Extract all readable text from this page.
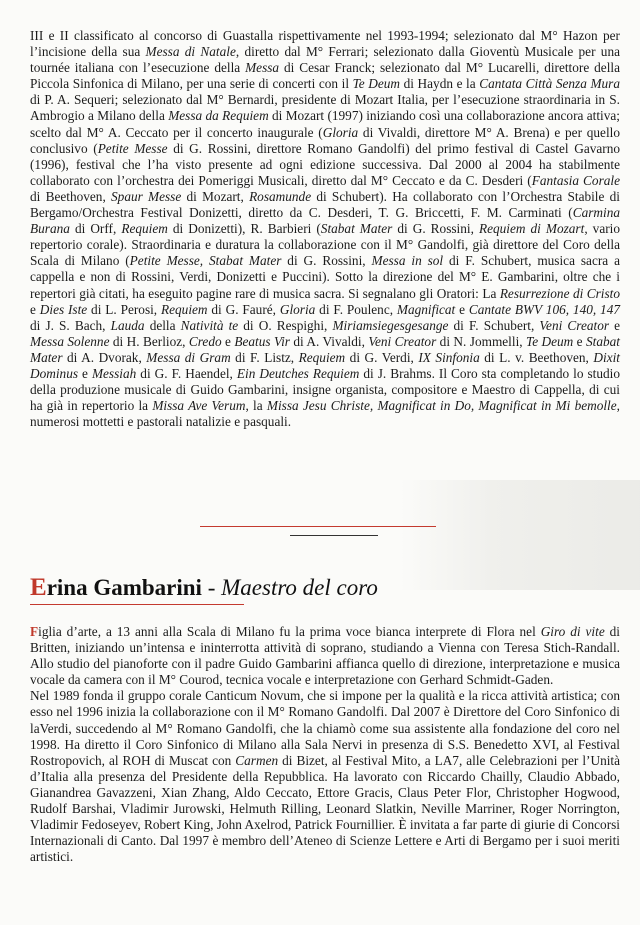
III e II classificato al concorso di Guastalla rispettivamente nel 1993-1994; selezionato dal M° Hazon per l’incisione della sua Messa di Natale, diretto dal M° Ferrari; selezionato dalla Gioventù Musicale per una tournée italiana con l’esecuzione della Messa di Cesar Franck; selezionato dal M° Lucarelli, direttore della Piccola Sinfonica di Milano, per una serie di concerti con il Te Deum di Haydn e la Cantata Città Senza Mura di P. A. Sequeri; selezionato dal M° Bernardi, presidente di Mozart Italia, per l’esecuzione straordinaria in S. Ambrogio a Milano della Messa da Requiem di Mozart (1997) iniziando così una collaborazione ancora attiva; scelto dal M° A. Ceccato per il concerto inaugurale (Gloria di Vivaldi, direttore M° A. Brena) e per quello conclusivo (Petite Messe di G. Rossini, direttore Romano Gandolfi) del primo festival di Castel Gavarno (1996), festival che l’ha visto presente ad ogni edizione successiva. Dal 2000 al 2004 ha stabilmente collaborato con l’orchestra dei Pomeriggi Musicali, diretto dal M° Ceccato e da C. Desderi (Fantasia Corale di Beethoven, Spaur Messe di Mozart, Rosamunde di Schubert). Ha collaborato con l’Orchestra Stabile di Bergamo/Orchestra Festival Donizetti, diretto da C. Desderi, T. G. Briccetti, F. M. Carminati (Carmina Burana di Orff, Requiem di Donizetti), R. Barbieri (Stabat Mater di G. Rossini, Requiem di Mozart, vario repertorio corale). Straordinaria e duratura la collaborazione con il M° Gandolfi, già direttore del Coro della Scala di Milano (Petite Messe, Stabat Mater di G. Rossini, Messa in sol di F. Schubert, musica sacra a cappella e non di Rossini, Verdi, Donizetti e Puccini). Sotto la direzione del M° E. Gambarini, oltre che i repertori già citati, ha eseguito pagine rare di musica sacra. Si segnalano gli Oratori: La Resurrezione di Cristo e Dies Iste di L. Perosi, Requiem di G. Fauré, Gloria di F. Poulenc, Magnificat e Cantate BWV 106, 140, 147 di J. S. Bach, Lauda della Natività te di O. Respighi, Miriamsiegesgesange di F. Schubert, Veni Creator e Messa Solenne di H. Berlioz, Credo e Beatus Vir di A. Vivaldi, Veni Creator di N. Jommelli, Te Deum e Stabat Mater di A. Dvorak, Messa di Gram di F. Listz, Requiem di G. Verdi, IX Sinfonia di L. v. Beethoven, Dixit Dominus e Messiah di G. F. Haendel, Ein Deutches Requiem di J. Brahms. Il Coro sta completando lo studio della produzione musicale di Guido Gambarini, insigne organista, compositore e Maestro di Cappella, di cui ha già in repertorio la Missa Ave Verum, la Missa Jesu Christe, Magnificat in Do, Magnificat in Mi bemolle, numerosi mottetti e pastorali natalizie e pasquali.

Erina Gambarini - Maestro del coro

Figlia d’arte, a 13 anni alla Scala di Milano fu la prima voce bianca interprete di Flora nel Giro di vite di Britten, iniziando un’intensa e ininterrotta attività di soprano, studiando a Vienna con Teresa Stich-Randall. Allo studio del pianoforte con il padre Guido Gambarini affianca quello di direzione, interpretazione e musica vocale da camera con il M° Courod, tecnica vocale e interpretazione con Gerhard Schmidt-Gaden.
Nel 1989 fonda il gruppo corale Canticum Novum, che si impone per la qualità e la ricca attività artistica; con esso nel 1996 inizia la collaborazione con il M° Romano Gandolfi. Dal 2007 è Direttore del Coro Sinfonico di laVerdi, succedendo al M° Romano Gandolfi, che la chiamò come sua assistente alla fondazione del coro nel 1998. Ha diretto il Coro Sinfonico di Milano alla Sala Nervi in presenza di S.S. Benedetto XVI, al Festival Rostropovich, al ROH di Muscat con Carmen di Bizet, al Festival Mito, a LA7, alle Celebrazioni per l’Unità d’Italia alla presenza del Presidente della Repubblica. Ha lavorato con Riccardo Chailly, Claudio Abbado, Gianandrea Gavazzeni, Xian Zhang, Aldo Ceccato, Ettore Gracis, Claus Peter Flor, Christopher Hogwood, Rudolf Barshai, Vladimir Jurowski, Helmuth Rilling, Leonard Slatkin, Neville Marriner, Roger Norrington, Vladimir Fedoseyev, Robert King, John Axelrod, Patrick Fournillier. È invitata a far parte di giurie di Concorsi Internazionali di Canto. Dal 1997 è membro dell’Ateneo di Scienze Lettere e Arti di Bergamo per i suoi meriti artistici.
